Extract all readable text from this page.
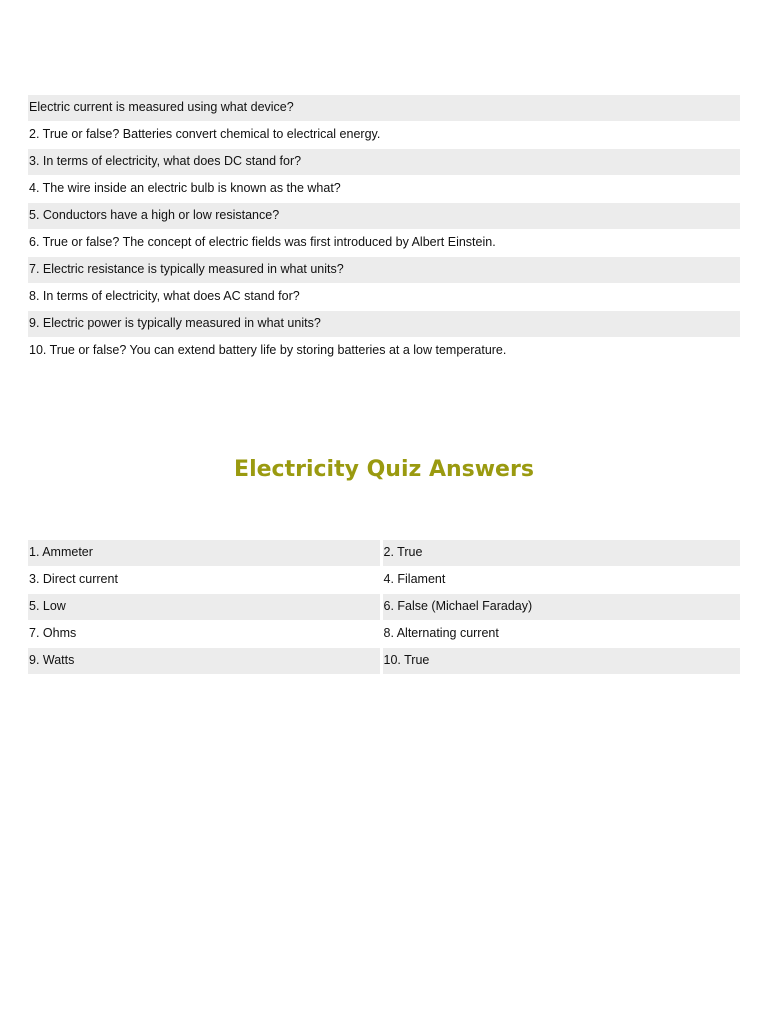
Electric current is measured using what device?
2. True or false? Batteries convert chemical to electrical energy.
3. In terms of electricity, what does DC stand for?
4. The wire inside an electric bulb is known as the what?
5. Conductors have a high or low resistance?
6. True or false? The concept of electric fields was first introduced by Albert Einstein.
7. Electric resistance is typically measured in what units?
8. In terms of electricity, what does AC stand for?
9. Electric power is typically measured in what units?
10. True or false? You can extend battery life by storing batteries at a low temperature.
Electricity Quiz Answers
1. Ammeter	2. True
3. Direct current	4. Filament
5. Low	6. False (Michael Faraday)
7. Ohms	8. Alternating current
9. Watts	10. True
